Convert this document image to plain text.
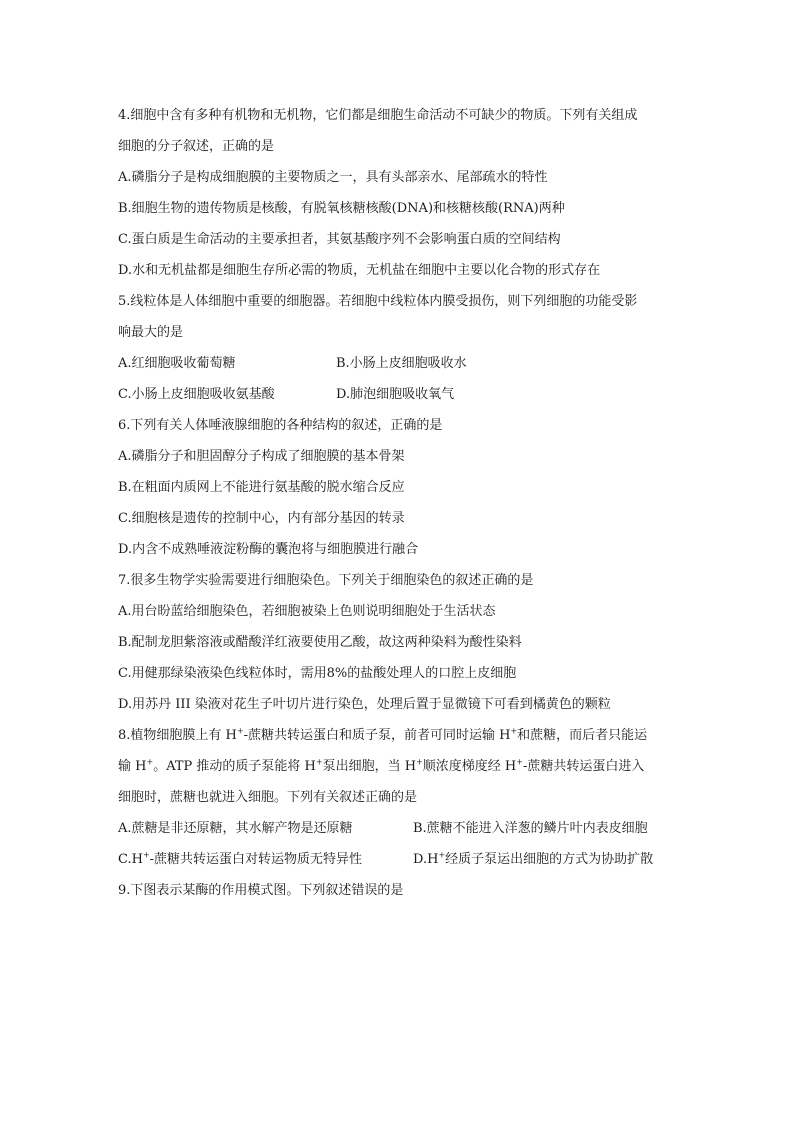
4.细胞中含有多种有机物和无机物，它们都是细胞生命活动不可缺少的物质。下列有关组成
细胞的分子叙述，正确的是
A.磷脂分子是构成细胞膜的主要物质之一，具有头部亲水、尾部疏水的特性
B.细胞生物的遗传物质是核酸，有脱氧核糖核酸(DNA)和核糖核酸(RNA)两种
C.蛋白质是生命活动的主要承担者，其氨基酸序列不会影响蛋白质的空间结构
D.水和无机盐都是细胞生存所必需的物质，无机盐在细胞中主要以化合物的形式存在
5.线粒体是人体细胞中重要的细胞器。若细胞中线粒体内膜受损伤，则下列细胞的功能受影
响最大的是
A.红细胞吸收葡萄糖	B.小肠上皮细胞吸收水
C.小肠上皮细胞吸收氨基酸	D.肺泡细胞吸收氧气
6.下列有关人体唾液腺细胞的各种结构的叙述，正确的是
A.磷脂分子和胆固醇分子构成了细胞膜的基本骨架
B.在粗面内质网上不能进行氨基酸的脱水缩合反应
C.细胞核是遗传的控制中心，内有部分基因的转录
D.内含不成熟唾液淀粉酶的囊泡将与细胞膜进行融合
7.很多生物学实验需要进行细胞染色。下列关于细胞染色的叙述正确的是
A.用台盼蓝给细胞染色，若细胞被染上色则说明细胞处于生活状态
B.配制龙胆紫溶液或醋酸洋红液要使用乙酸，故这两种染料为酸性染料
C.用健那绿染液染色线粒体时，需用8%的盐酸处理人的口腔上皮细胞
D.用苏丹 III 染液对花生子叶切片进行染色，处理后置于显微镜下可看到橘黄色的颗粒
8.植物细胞膜上有 H+-蔗糖共转运蛋白和质子泵，前者可同时运输 H+和蔗糖，而后者只能运
输 H+。ATP 推动的质子泵能将 H+泵出细胞，当 H+顺浓度梯度经 H+-蔗糖共转运蛋白进入
细胞时，蔗糖也就进入细胞。下列有关叙述正确的是
A.蔗糖是非还原糖，其水解产物是还原糖	B.蔗糖不能进入洋葱的鳞片叶内表皮细胞
C.H+-蔗糖共转运蛋白对转运物质无特异性	D.H+经质子泵运出细胞的方式为协助扩散
9.下图表示某酶的作用模式图。下列叙述错误的是
